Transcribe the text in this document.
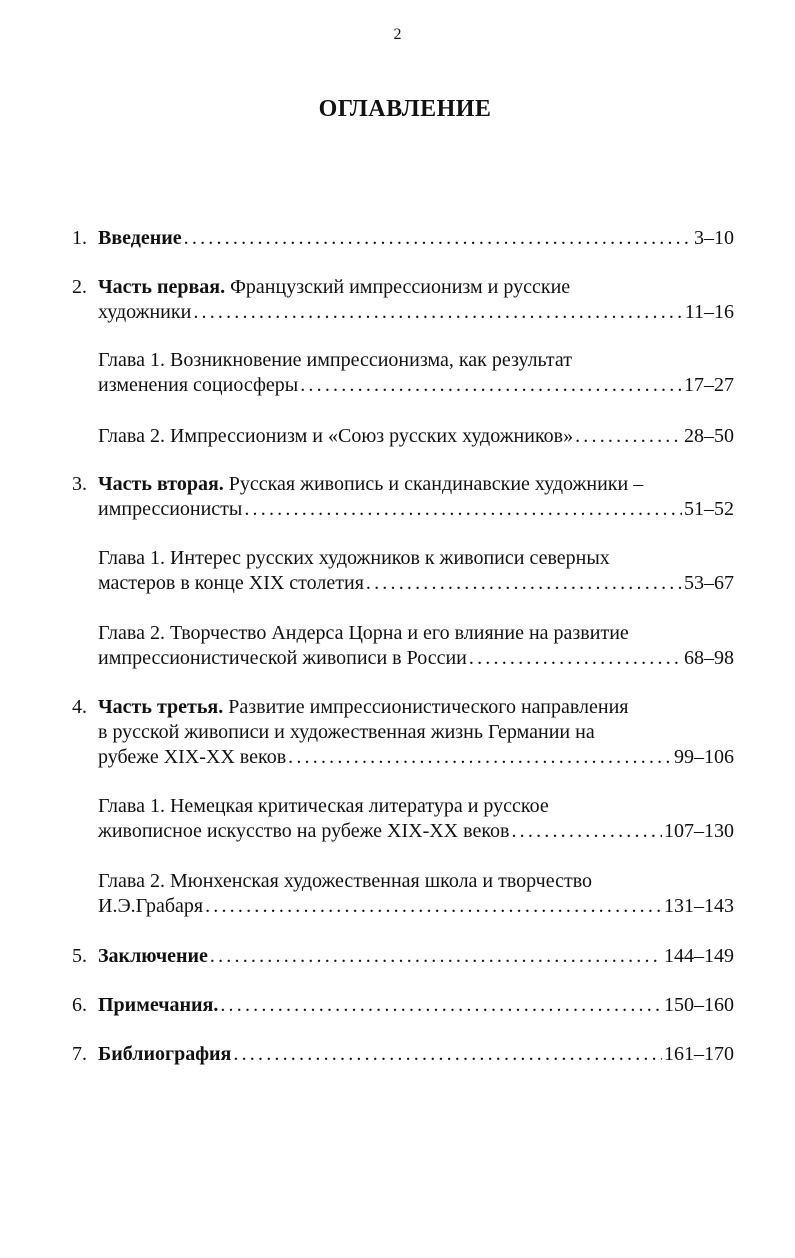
2
ОГЛАВЛЕНИЕ
1. Введение .....	3–10
2. Часть первая. Французский импрессионизм и русские
художники .....	11–16
Глава 1. Возникновение импрессионизма, как результат
изменения социосферы .....	17–27
Глава 2. Импрессионизм и «Союз русских художников» .....	28–50
3. Часть вторая. Русская живопись и скандинавские художники –
импрессионисты .....	51–52
Глава 1. Интерес русских художников к живописи северных
мастеров в конце XIX столетия .....	53–67
Глава 2. Творчество Андерса Цорна и его влияние на развитие
импрессионистической живописи в России .....	68–98
4. Часть третья. Развитие импрессионистического направления
в русской живописи и художественная жизнь Германии на
рубеже XIX-XX веков .....	99–106
Глава 1. Немецкая критическая литература и русское
живописное искусство на рубеже XIX-XX веков .....	107–130
Глава 2. Мюнхенская художественная школа и творчество
И.Э.Грабаря .....	131–143
5. Заключение .....	144–149
6. Примечания. .....	150–160
7. Библиография .....	161–170
